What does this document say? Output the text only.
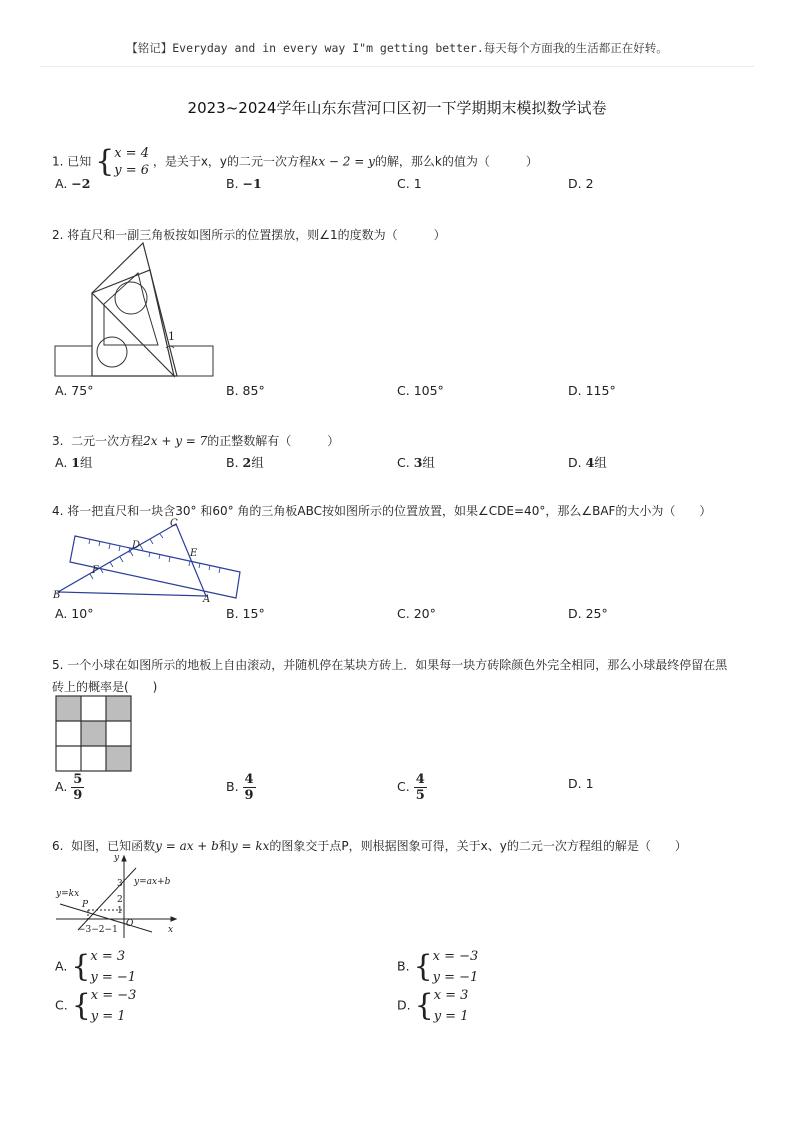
【铭记】Everyday and in every way I"m getting better.每天每个方面我的生活都正在好转。
2023~2024学年山东东营河口区初一下学期期末模拟数学试卷
1. 已知 { x = 4
y = 6
，是关于x，y的二元一次方程kx − 2 = y的解，那么k的值为（　　　）
A. −2	B. −1	C. 1	D. 2
2. 将直尺和一副三角板按如图所示的位置摆放，则∠1的度数为（　　　）
1
A. 75°	B. 85°	C. 105°	D. 115°
3. 二元一次方程2x + y = 7的正整数解有（　　　）
A. 1组	B. 2组	C. 3组	D. 4组
4. 将一把直尺和一块含30° 和60° 角的三角板ABC按如图所示的位置放置，如果∠CDE=40°，那么∠BAF的大小为（　　）
C
D
E
F
B	A
A. 10°	B. 15°	C. 20°	D. 25°
5. 一个小球在如图所示的地板上自由滚动，并随机停在某块方砖上．如果每一块方砖除颜色外完全相同，那么小球最终停留在黑
砖上的概率是(　　)
A. $\frac{5}{9}$	B. $\frac{4}{9}$	C. $\frac{4}{5}$	D. 1
6. 如图，已知函数y = ax + b和y = kx的图象交于点P，则根据图象可得，关于x、y的二元一次方程组的解是（　　）
y
x
O
P
y=kx
y=ax+b
3
2
1
−3−2−1
A. { x = 3
y = −1
B. { x = −3
y = −1
C. { x = −3
y = 1
D. { x = 3
y = 1
